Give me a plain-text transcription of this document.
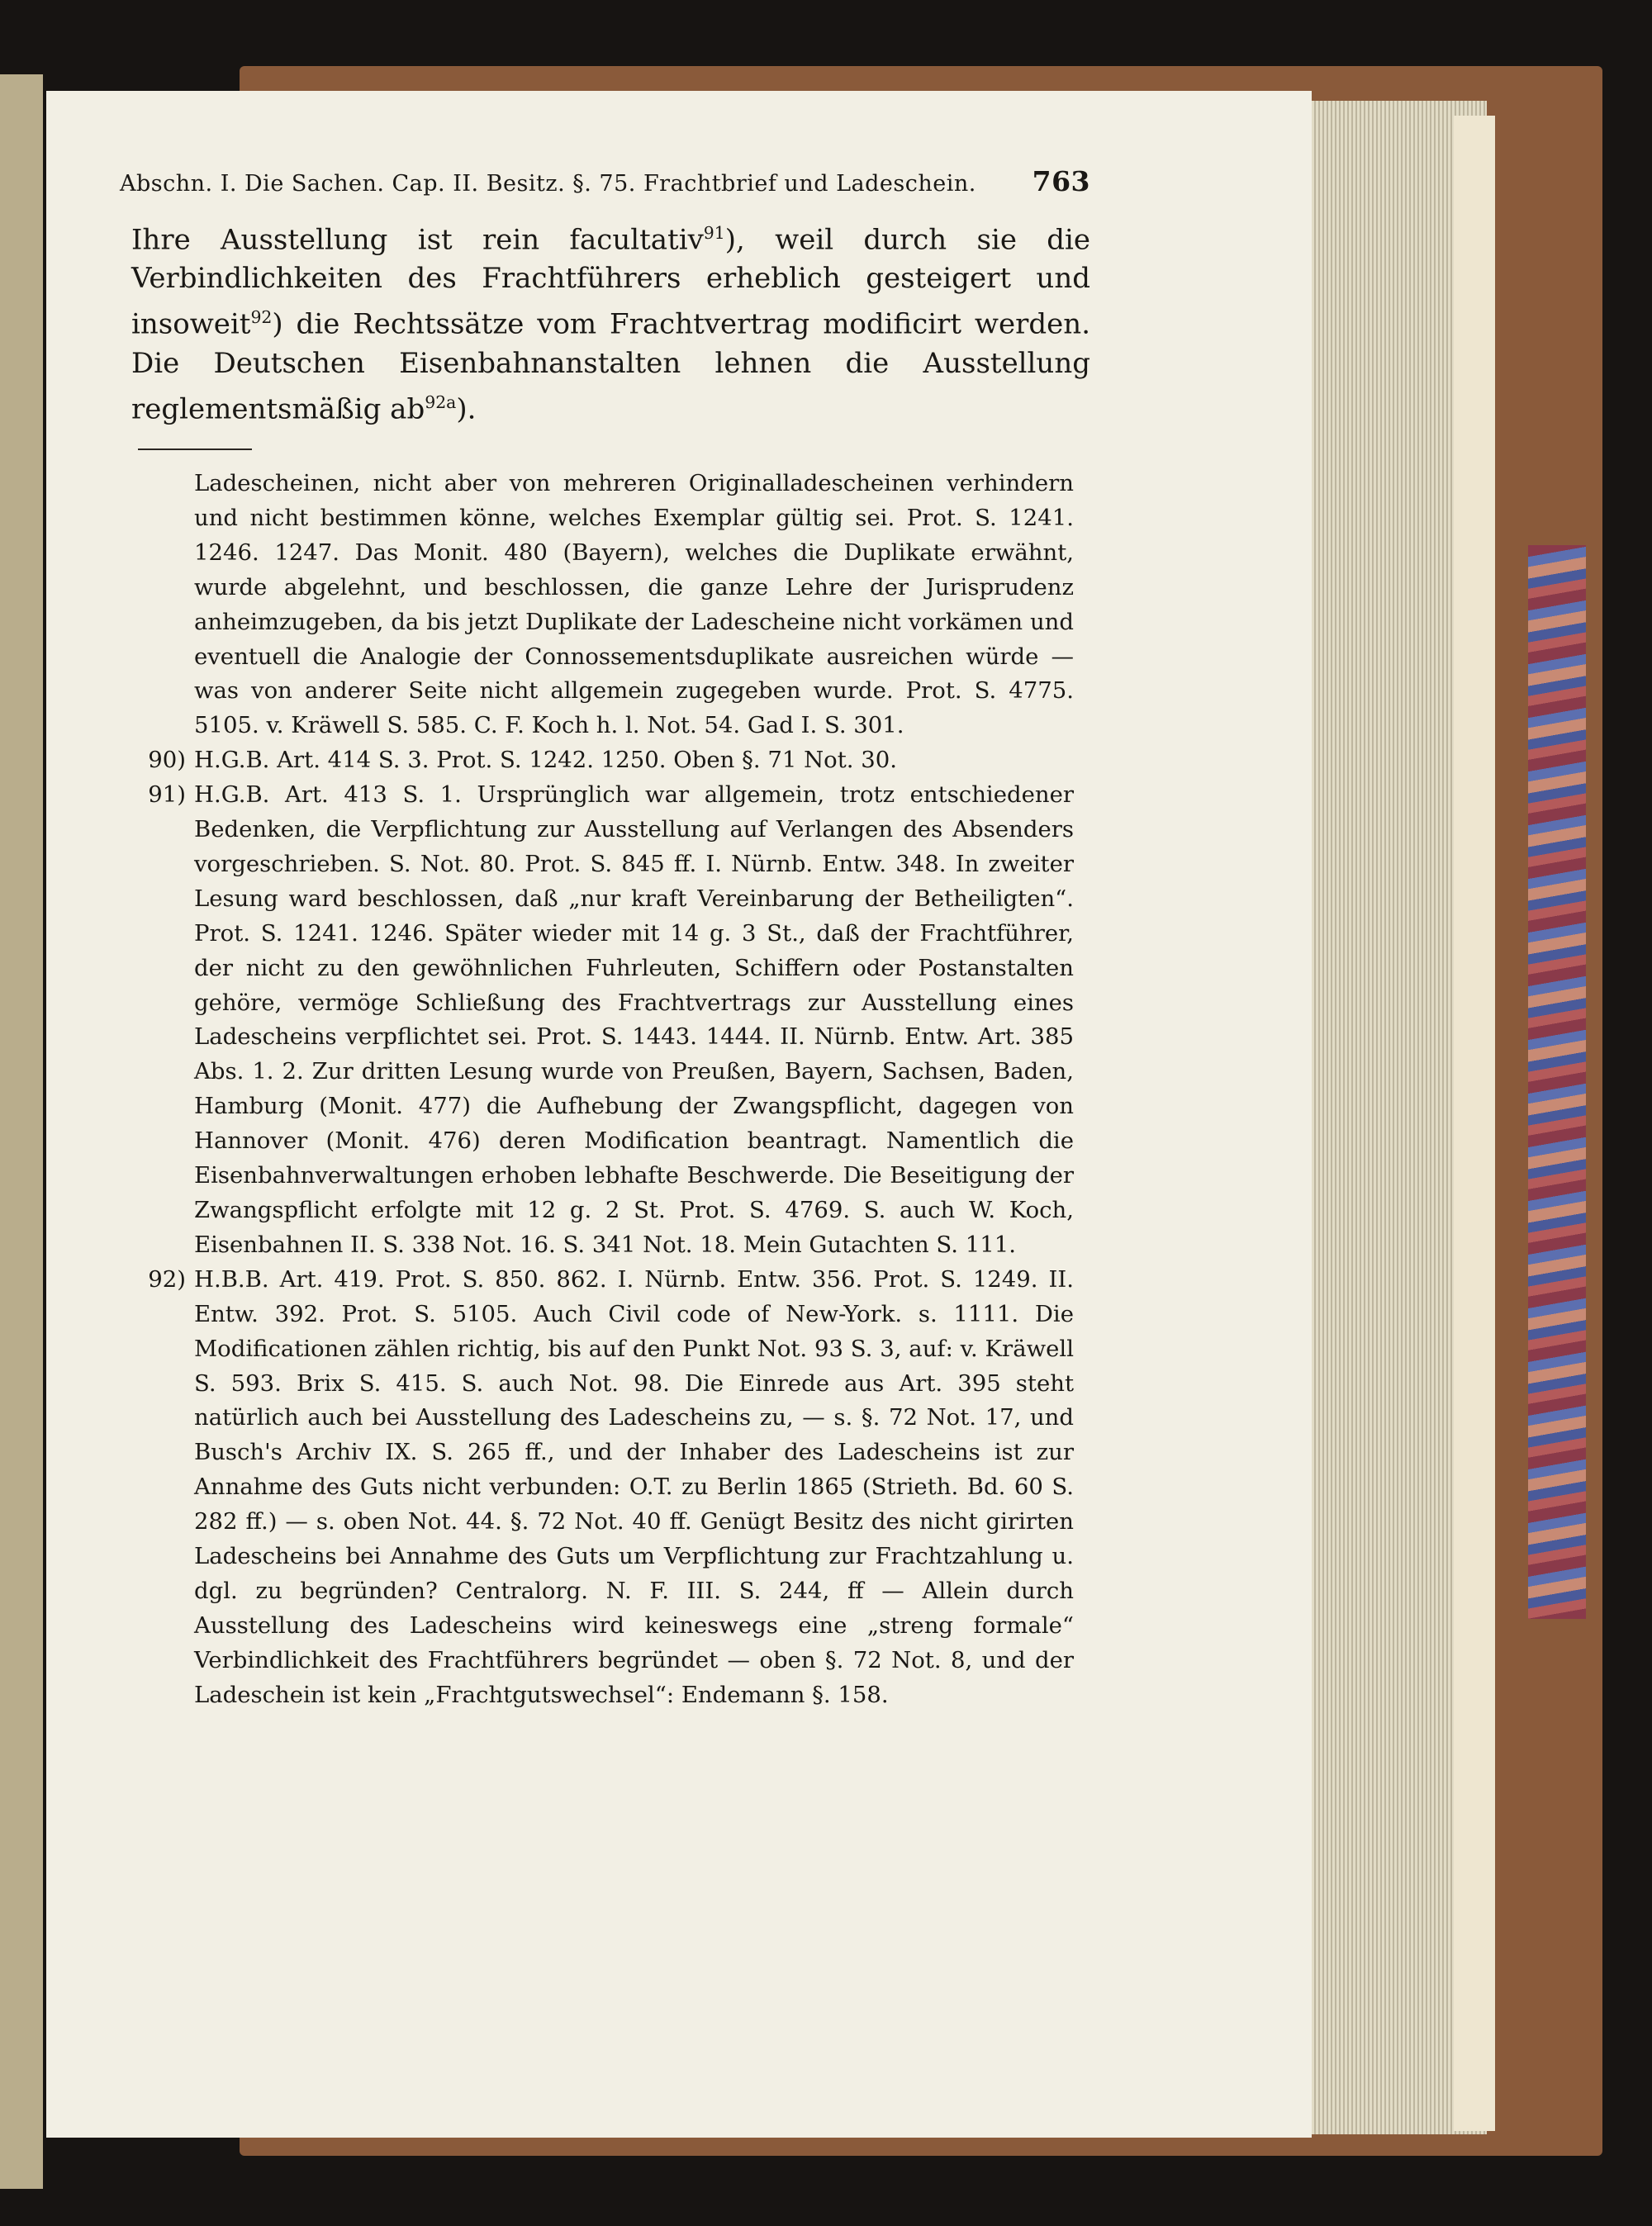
Abschn. I. Die Sachen. Cap. II. Besitz. §. 75. Frachtbrief und Ladeschein. 763

Ihre Ausstellung ist rein facultativ$^{91}$), weil durch sie die Verbindlichkeiten des Frachtführers erheblich gesteigert und insoweit$^{92}$) die Rechtssätze vom Frachtvertrag modificirt werden. Die Deutschen Eisenbahnanstalten lehnen die Ausstellung reglementsmäßig $ab^{92a}$).

Ladescheinen, nicht aber von mehreren Originalladescheinen verhindern und nicht bestimmen könne, welches Exemplar gültig sei. Prot. S. 1241. 1246. 1247. Das Monit. 480 (Bayern), welches die Duplikate erwähnt, wurde abgelehnt, und beschlossen, die ganze Lehre der Jurisprudenz anheimzugeben, da bis jetzt Duplikate der Ladescheine nicht vorkämen und eventuell die Analogie der Connossementsduplikate ausreichen würde — was von anderer Seite nicht allgemein zugegeben wurde. Prot. S. 4775. 5105. v. Kräwell S. 585. C. F. Koch h. l. Not. 54. Gad I. S. 301.
90) H.G.B. Art. 414 S. 3. Prot. S. 1242. 1250. Oben §. 71 Not. 30.
91) H.G.B. Art. 413 S. 1. Ursprünglich war allgemein, trotz entschiedener Bedenken, die Verpflichtung zur Ausstellung auf Verlangen des Absenders vorgeschrieben. S. Not. 80. Prot. S. 845 ff. I. Nürnb. Entw. 348. In zweiter Lesung ward beschlossen, daß „nur kraft Vereinbarung der Betheiligten“. Prot. S. 1241. 1246. Später wieder mit 14 g. 3 St., daß der Frachtführer, der nicht zu den gewöhnlichen Fuhrleuten, Schiffern oder Postanstalten gehöre, vermöge Schließung des Frachtvertrags zur Ausstellung eines Ladescheins verpflichtet sei. Prot. S. 1443. 1444. II. Nürnb. Entw. Art. 385 Abs. 1. 2. Zur dritten Lesung wurde von Preußen, Bayern, Sachsen, Baden, Hamburg (Monit. 477) die Aufhebung der Zwangspflicht, dagegen von Hannover (Monit. 476) deren Modification beantragt. Namentlich die Eisenbahnverwaltungen erhoben lebhafte Beschwerde. Die Beseitigung der Zwangspflicht erfolgte mit 12 g. 2 St. Prot. S. 4769. S. auch W. Koch, Eisenbahnen II. S. 338 Not. 16. S. 341 Not. 18. Mein Gutachten S. 111.
92) H.B.B. Art. 419. Prot. S. 850. 862. I. Nürnb. Entw. 356. Prot. S. 1249. II. Entw. 392. Prot. S. 5105. Auch Civil code of New-York. s. 1111. Die Modificationen zählen richtig, bis auf den Punkt Not. 93 S. 3, auf: v. Kräwell S. 593. Brix S. 415. S. auch Not. 98. Die Einrede aus Art. 395 steht natürlich auch bei Ausstellung des Ladescheins zu, — s. §. 72 Not. 17, und Busch's Archiv IX. S. 265 ff., und der Inhaber des Ladescheins ist zur Annahme des Guts nicht verbunden: O.T. zu Berlin 1865 (Strieth. Bd. 60 S. 282 ff.) — s. oben Not. 44. §. 72 Not. 40 ff. Genügt Besitz des nicht girirten Ladescheins bei Annahme des Guts um Verpflichtung zur Frachtzahlung u. dgl. zu begründen? Centralorg. N. F. III. S. 244, ff — Allein durch Ausstellung des Ladescheins wird keineswegs eine „streng formale“ Verbindlichkeit des Frachtführers begründet — oben §. 72 Not. 8, und der Ladeschein ist kein „Frachtgutswechsel“: Endemann §. 158.
